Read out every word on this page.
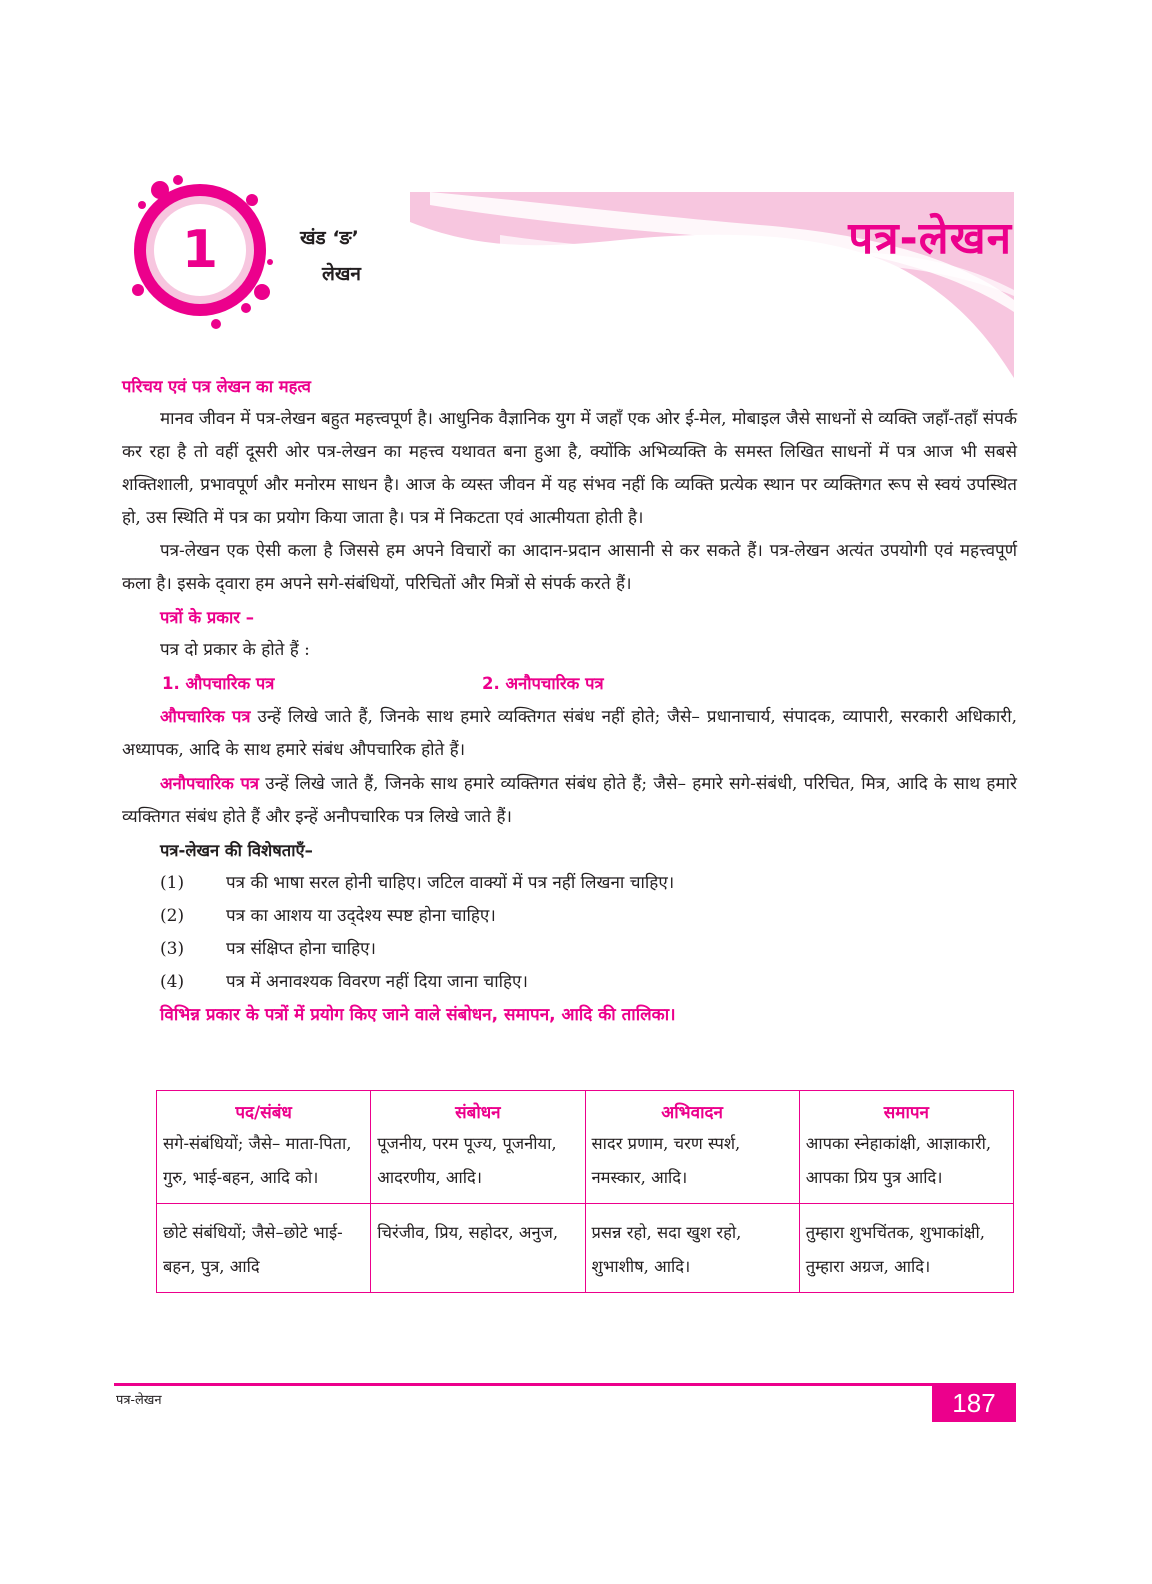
1	खंड ‘ङ’
लेखन
पत्र-लेखन
परिचय एवं पत्र लेखन का महत्व

मानव जीवन में पत्र-लेखन बहुत महत्त्वपूर्ण है। आधुनिक वैज्ञानिक युग में जहाँ एक ओर ई-मेल, मोबाइल जैसे साधनों से व्यक्ति जहाँ-तहाँ संपर्क कर रहा है तो वहीं दूसरी ओर पत्र-लेखन का महत्त्व यथावत बना हुआ है, क्योंकि अभिव्यक्ति के समस्त लिखित साधनों में पत्र आज भी सबसे शक्तिशाली, प्रभावपूर्ण और मनोरम साधन है। आज के व्यस्त जीवन में यह संभव नहीं कि व्यक्ति प्रत्येक स्थान पर व्यक्तिगत रूप से स्वयं उपस्थित हो, उस स्थिति में पत्र का प्रयोग किया जाता है। पत्र में निकटता एवं आत्मीयता होती है।

पत्र-लेखन एक ऐसी कला है जिससे हम अपने विचारों का आदान-प्रदान आसानी से कर सकते हैं। पत्र-लेखन अत्यंत उपयोगी एवं महत्त्वपूर्ण कला है। इसके द्‌वारा हम अपने सगे-संबंधियों, परिचितों और मित्रों से संपर्क करते हैं।

पत्रों के प्रकार –
पत्र दो प्रकार के होते हैं :
1. औपचारिक पत्र	2. अनौपचारिक पत्र

औपचारिक पत्र उन्हें लिखे जाते हैं, जिनके साथ हमारे व्यक्तिगत संबंध नहीं होते; जैसे– प्रधानाचार्य, संपादक, व्यापारी, सरकारी अधिकारी, अध्यापक, आदि के साथ हमारे संबंध औपचारिक होते हैं।

अनौपचारिक पत्र उन्हें लिखे जाते हैं, जिनके साथ हमारे व्यक्तिगत संबंध होते हैं; जैसे– हमारे सगे-संबंधी, परिचित, मित्र, आदि के साथ हमारे व्यक्तिगत संबंध होते हैं और इन्हें अनौपचारिक पत्र लिखे जाते हैं।

पत्र-लेखन की विशेषताएँ–
(1)	पत्र की भाषा सरल होनी चाहिए। जटिल वाक्यों में पत्र नहीं लिखना चाहिए।
(2)	पत्र का आशय या उद्‌देश्य स्पष्ट होना चाहिए।
(3)	पत्र संक्षिप्त होना चाहिए।
(4)	पत्र में अनावश्यक विवरण नहीं दिया जाना चाहिए।
विभिन्न प्रकार के पत्रों में प्रयोग किए जाने वाले संबोधन, समापन, आदि की तालिका।
पद/संबंध	संबोधन	अभिवादन	समापन
सगे-संबंधियों; जैसे– माता-पिता, गुरु, भाई-बहन, आदि को।	पूजनीय, परम पूज्य, पूजनीया, आदरणीय, आदि।	सादर प्रणाम, चरण स्पर्श, नमस्कार, आदि।	आपका स्नेहाकांक्षी, आज्ञाकारी, आपका प्रिय पुत्र आदि।
छोटे संबंधियों; जैसे–छोटे भाई-बहन, पुत्र, आदि	चिरंजीव, प्रिय, सहोदर, अनुज,	प्रसन्न रहो, सदा खुश रहो, शुभाशीष, आदि।	तुम्हारा शुभचिंतक, शुभाकांक्षी, तुम्हारा अग्रज, आदि।
पत्र-लेखन	187
